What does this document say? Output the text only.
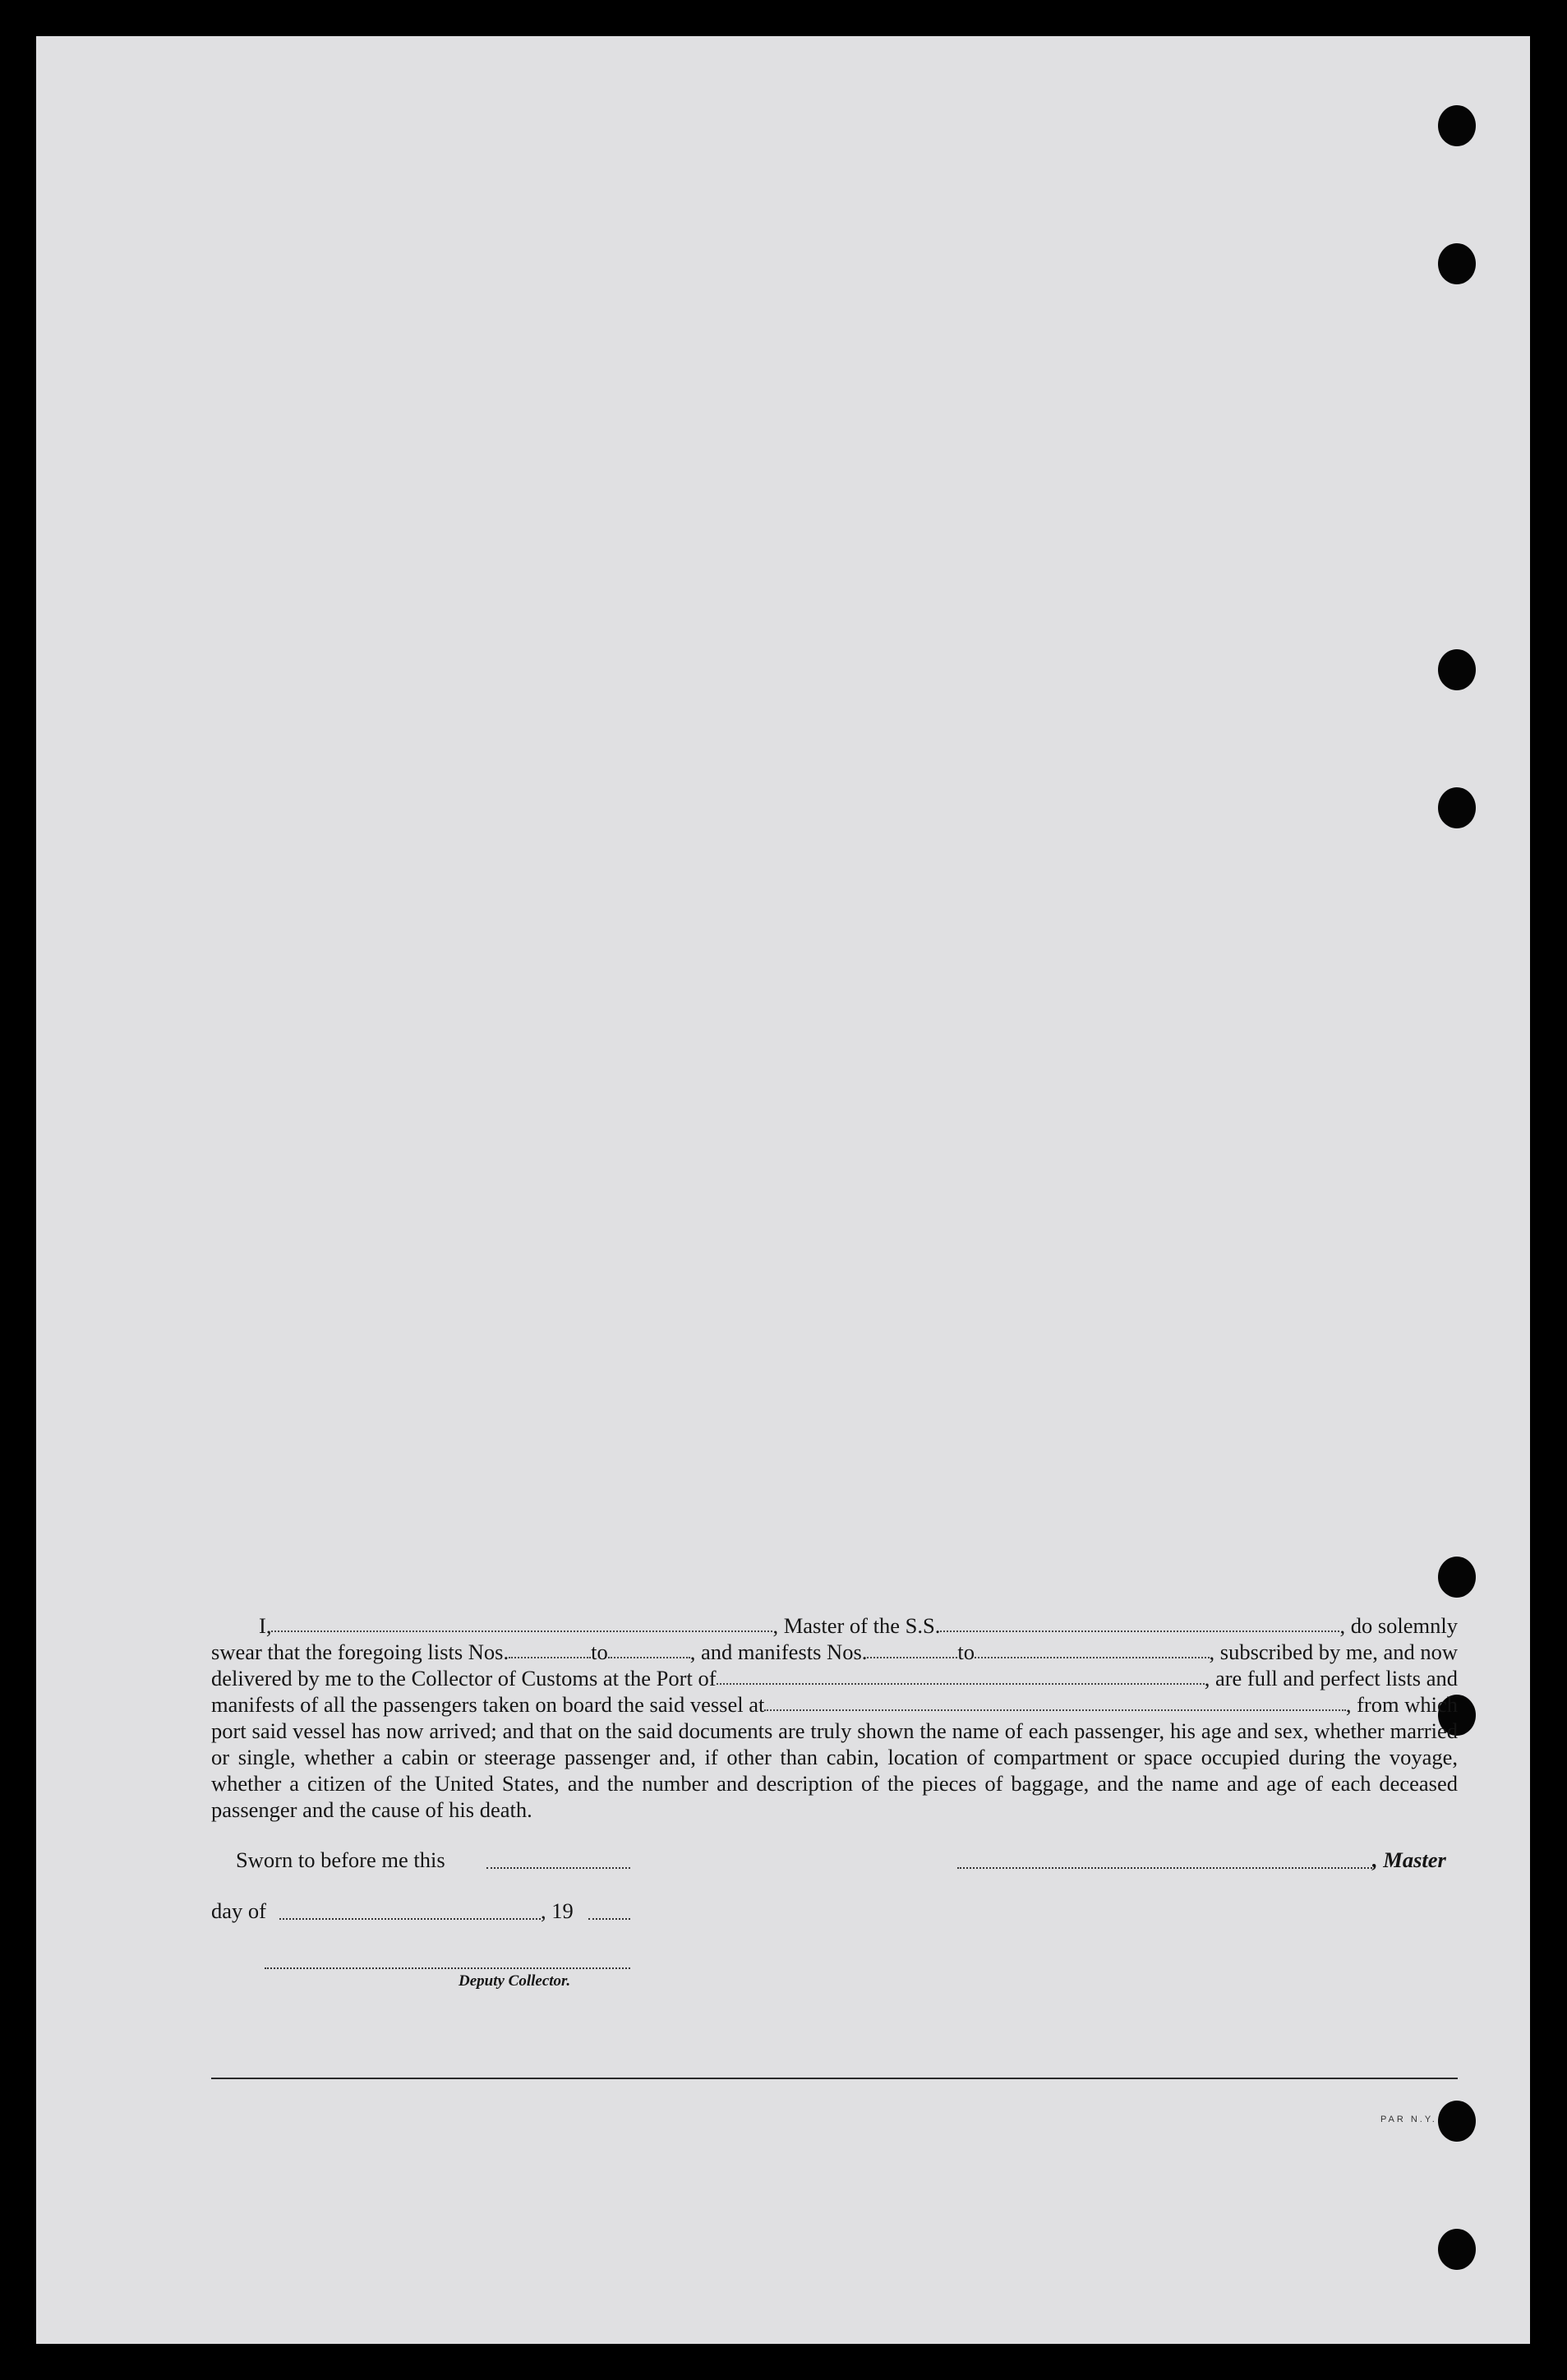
I,	, Master of the S.S.	, do solemnly
swear that the foregoing lists Nos.	to	, and manifests Nos.	to	, subscribed by me, and now
delivered by me to the Collector of Customs at the Port of	, are full and perfect lists and
manifests of all the passengers taken on board the said vessel at	, from which
port said vessel has now arrived; and that on the said documents are truly shown the name of each passenger, his age and sex, whether married or single, whether a cabin or steerage passenger and, if other than cabin, location of compartment or space occupied during the voyage, whether a citizen of the United States, and the number and description of the pieces of baggage, and the name and age of each deceased passenger and the cause of his death.
Sworn to before me this	, Master
day of	, 19
Deputy Collector.
PAR N.Y.
